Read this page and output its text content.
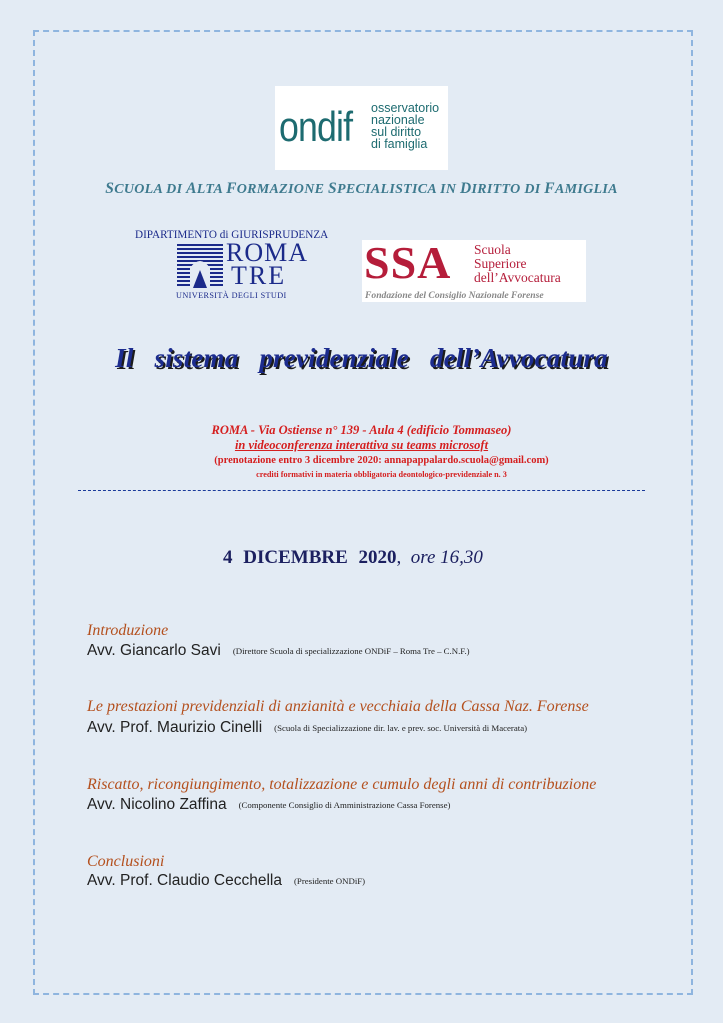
ondif osservatorio
nazionale
sul diritto
di famiglia
SCUOLA DI ALTA FORMAZIONE SPECIALISTICA IN DIRITTO DI FAMIGLIA
DIPARTIMENTO di GIURISPRUDENZA
ROMA
TRE
UNIVERSITÀ DEGLI STUDI
SSA Scuola
Superiore
dell’Avvocatura
Fondazione del Consiglio Nazionale Forense
Il sistema previdenziale dell’Avvocatura
ROMA - Via Ostiense n° 139 - Aula 4 (edificio Tommaseo)
in videoconferenza interattiva su teams microsoft
(prenotazione entro 3 dicembre 2020: annapappalardo.scuola@gmail.com)
crediti formativi in materia obbligatoria deontologico-previdenziale n. 3
4 DICEMBRE 2020, ore 16,30
Introduzione
Avv. Giancarlo Savi (Direttore Scuola di specializzazione ONDiF – Roma Tre – C.N.F.)
Le prestazioni previdenziali di anzianità e vecchiaia della Cassa Naz. Forense
Avv. Prof. Maurizio Cinelli (Scuola di Specializzazione dir. lav. e prev. soc. Università di Macerata)
Riscatto, ricongiungimento, totalizzazione e cumulo degli anni di contribuzione
Avv. Nicolino Zaffina (Componente Consiglio di Amministrazione Cassa Forense)
Conclusioni
Avv. Prof. Claudio Cecchella (Presidente ONDiF)
